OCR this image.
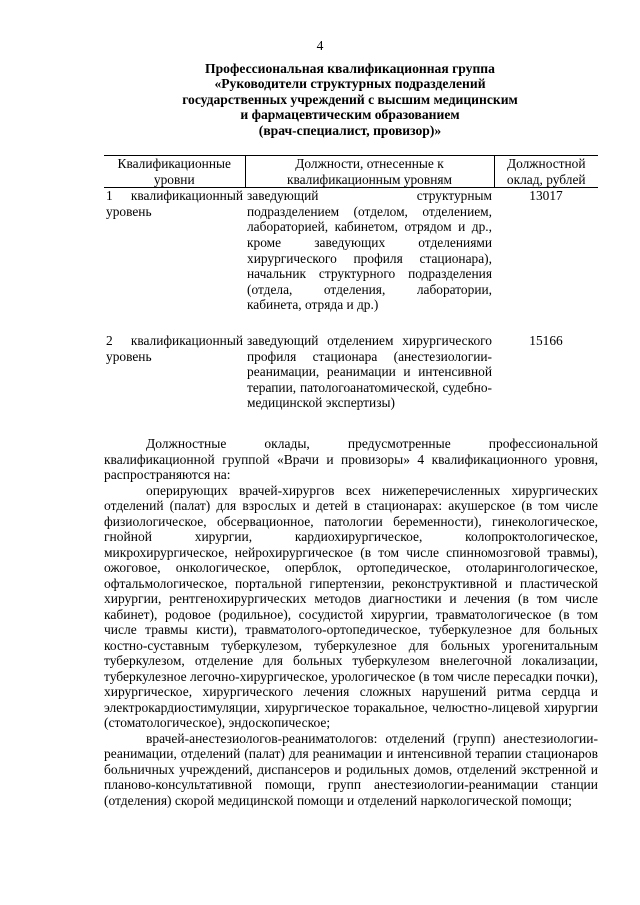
4
Профессиональная квалификационная группа
«Руководители структурных подразделений
государственных учреждений с высшим медицинским
и фармацевтическим образованием
(врач-специалист, провизор)»
Квалификационные уровни	Должности, отнесенные к квалификационным уровням	Должностной оклад, рублей
1 квалификационный уровень	заведующий структурным подразделением (отделом, отделением, лабораторией, кабинетом, отрядом и др., кроме заведующих отделениями хирургического профиля стационара), начальник структурного подразделения (отдела, отделения, лаборатории, кабинета, отряда и др.)	13017

2 квалификационный уровень	заведующий отделением хирургического профиля стационара (анестезиологии-реанимации, реанимации и интенсивной терапии, патологоанатомической, судебно-медицинской экспертизы)	15166

Должностные оклады, предусмотренные профессиональной квалификационной группой «Врачи и провизоры» 4 квалификационного уровня, распространяются на:

оперирующих врачей-хирургов всех нижеперечисленных хирургических отделений (палат) для взрослых и детей в стационарах: акушерское (в том числе физиологическое, обсервационное, патологии беременности), гинекологическое, гнойной хирургии, кардиохирургическое, колопроктологическое, микрохирургическое, нейрохирургическое (в том числе спинномозговой травмы), ожоговое, онкологическое, оперблок, ортопедическое, отоларингологическое, офтальмологическое, портальной гипертензии, реконструктивной и пластической хирургии, рентгенохирургических методов диагностики и лечения (в том числе кабинет), родовое (родильное), сосудистой хирургии, травматологическое (в том числе травмы кисти), травматолого-ортопедическое, туберкулезное для больных костно-суставным туберкулезом, туберкулезное для больных урогенитальным туберкулезом, отделение для больных туберкулезом внелегочной локализации, туберкулезное легочно-хирургическое, урологическое (в том числе пересадки почки), хирургическое, хирургического лечения сложных нарушений ритма сердца и электрокардиостимуляции, хирургическое торакальное, челюстно-лицевой хирургии (стоматологическое), эндоскопическое;

врачей-анестезиологов-реаниматологов: отделений (групп) анестезиологии-реанимации, отделений (палат) для реанимации и интенсивной терапии стационаров больничных учреждений, диспансеров и родильных домов, отделений экстренной и планово-консультативной помощи, групп анестезиологии-реанимации станции (отделения) скорой медицинской помощи и отделений наркологической помощи;
